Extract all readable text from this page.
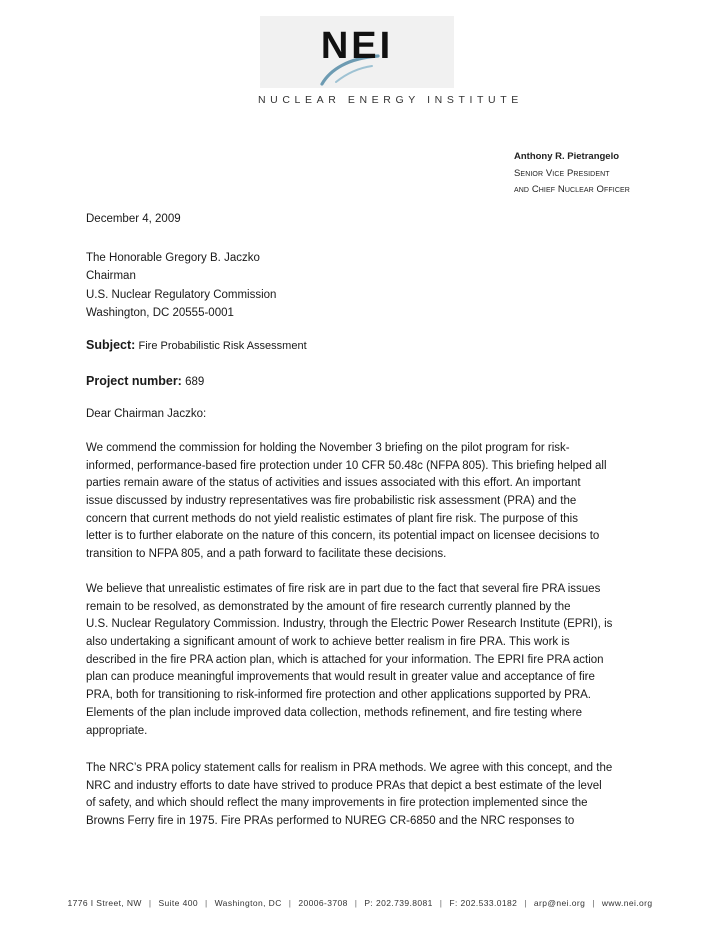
NEI
NUCLEAR ENERGY INSTITUTE
Anthony R. Pietrangelo
Senior Vice President
and Chief Nuclear Officer
December 4, 2009
The Honorable Gregory B. Jaczko
Chairman
U.S. Nuclear Regulatory Commission
Washington, DC 20555-0001
Subject: Fire Probabilistic Risk Assessment
Project number: 689
Dear Chairman Jaczko:
We commend the commission for holding the November 3 briefing on the pilot program for risk-
informed, performance-based fire protection under 10 CFR 50.48c (NFPA 805). This briefing helped all
parties remain aware of the status of activities and issues associated with this effort. An important
issue discussed by industry representatives was fire probabilistic risk assessment (PRA) and the
concern that current methods do not yield realistic estimates of plant fire risk. The purpose of this
letter is to further elaborate on the nature of this concern, its potential impact on licensee decisions to
transition to NFPA 805, and a path forward to facilitate these decisions.
We believe that unrealistic estimates of fire risk are in part due to the fact that several fire PRA issues
remain to be resolved, as demonstrated by the amount of fire research currently planned by the
U.S. Nuclear Regulatory Commission. Industry, through the Electric Power Research Institute (EPRI), is
also undertaking a significant amount of work to achieve better realism in fire PRA. This work is
described in the fire PRA action plan, which is attached for your information. The EPRI fire PRA action
plan can produce meaningful improvements that would result in greater value and acceptance of fire
PRA, both for transitioning to risk-informed fire protection and other applications supported by PRA.
Elements of the plan include improved data collection, methods refinement, and fire testing where
appropriate.
The NRC’s PRA policy statement calls for realism in PRA methods. We agree with this concept, and the
NRC and industry efforts to date have strived to produce PRAs that depict a best estimate of the level
of safety, and which should reflect the many improvements in fire protection implemented since the
Browns Ferry fire in 1975. Fire PRAs performed to NUREG CR-6850 and the NRC responses to
1776 I Street, NW | Suite 400 | Washington, DC | 20006-3708 | P: 202.739.8081 | F: 202.533.0182 | arp@nei.org | www.nei.org
